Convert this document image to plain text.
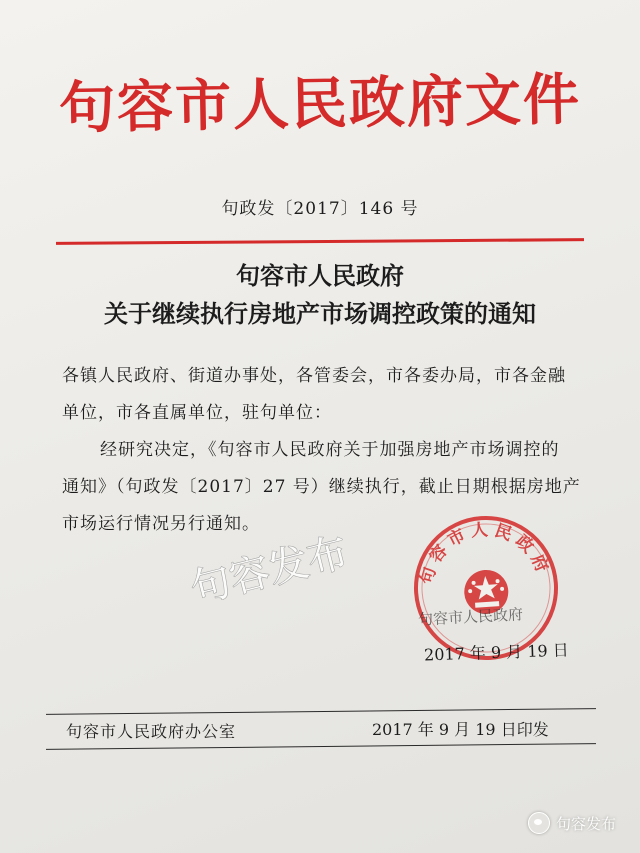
句容市人民政府文件
句政发〔2017〕146 号
句容市人民政府
关于继续执行房地产市场调控政策的通知
各镇人民政府、街道办事处，各管委会，市各委办局，市各金融
单位，市各直属单位，驻句单位：
经研究决定，《句容市人民政府关于加强房地产市场调控的
通知》（句政发〔2017〕27 号）继续执行，截止日期根据房地产
市场运行情况另行通知。
句容市人民政府
句容市人民政府
2017 年 9 月 19 日
句容发布
句容市人民政府办公室	2017 年 9 月 19 日印发
句容发布
